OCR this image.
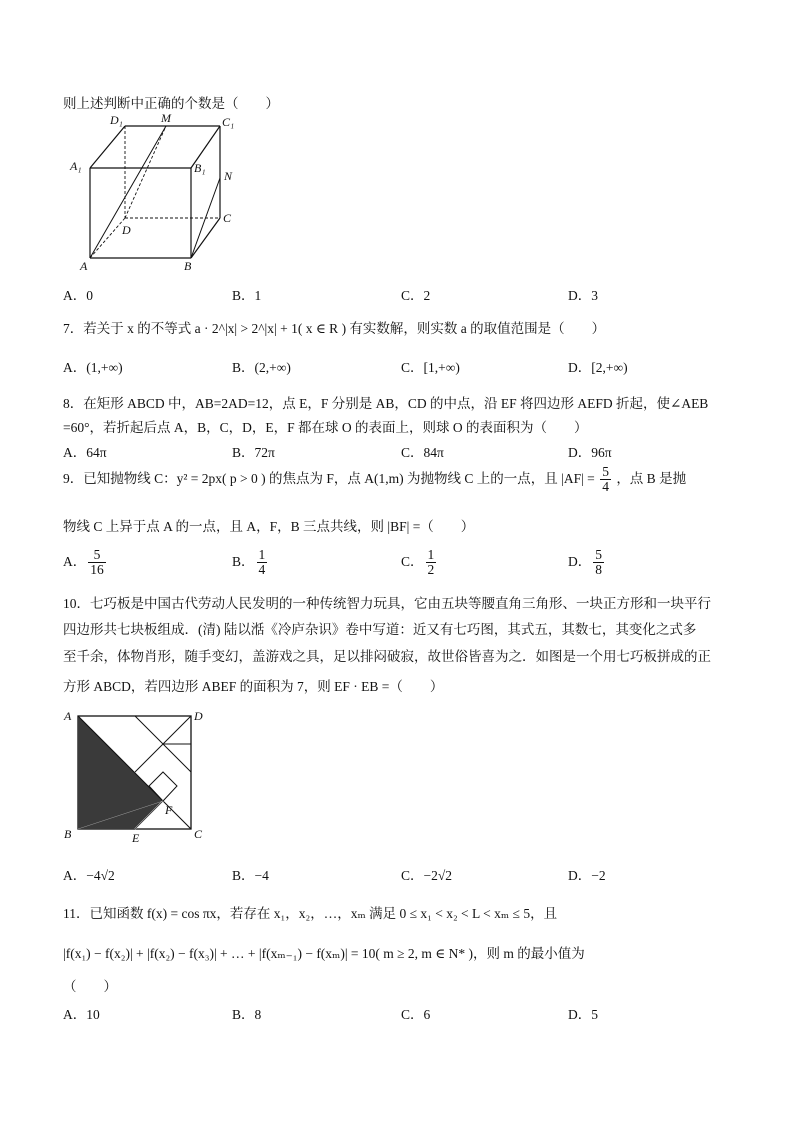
则上述判断中正确的个数是（　　）
D₁	M	C₁
A₁	B₁
N
D
C
A	B
A．0	B．1	C．2	D．3
7．若关于 x 的不等式 a · 2^|x| > 2^|x| + 1( x ∈ R ) 有实数解，则实数 a 的取值范围是（　　）
A．(1,+∞)	B．(2,+∞)	C．[1,+∞)	D．[2,+∞)
8．在矩形 ABCD 中，AB=2AD=12，点 E，F 分别是 AB，CD 的中点，沿 EF 将四边形 AEFD 折起，使∠AEB
=60°，若折起后点 A，B，C，D，E，F 都在球 O 的表面上，则球 O 的表面积为（　　）
A．64π	B．72π	C．84π	D．96π
9．已知抛物线 C：y² = 2px( p > 0 ) 的焦点为 F，点 A(1,m) 为抛物线 C 上的一点，且 $|AF| = \frac{5}{4}$ ，点 B 是抛
物线 C 上异于点 A 的一点，且 A，F，B 三点共线，则 |BF| =（　　）
A． $\frac{5}{16}$	B． $\frac{1}{4}$	C． $\frac{1}{2}$	D． $\frac{5}{8}$
10．七巧板是中国古代劳动人民发明的一种传统智力玩具，它由五块等腰直角三角形、一块正方形和一块平行
四边形共七块板组成．(清) 陆以湉《冷庐杂识》卷中写道：近又有七巧图，其式五，其数七，其变化之式多
至千余，体物肖形，随手变幻，盖游戏之具，足以排闷破寂，故世俗皆喜为之．如图是一个用七巧板拼成的正
方形 ABCD，若四边形 ABEF 的面积为 7，则 EF · EB =（　　）
A	D
B	E
F
C
A．−4√2	B．−4	C．−2√2	D．−2
11．已知函数 f(x) = cos πx，若存在 x₁，x₂，…，xₘ 满足 0 ≤ x₁ < x₂ < L < xₘ ≤ 5，且
|f(x₁) − f(x₂)| + |f(x₂) − f(x₃)| + … + |f(xₘ₋₁) − f(xₘ)| = 10( m ≥ 2, m ∈ N* )，则 m 的最小值为
（　　）
A．10	B．8	C．6	D．5
